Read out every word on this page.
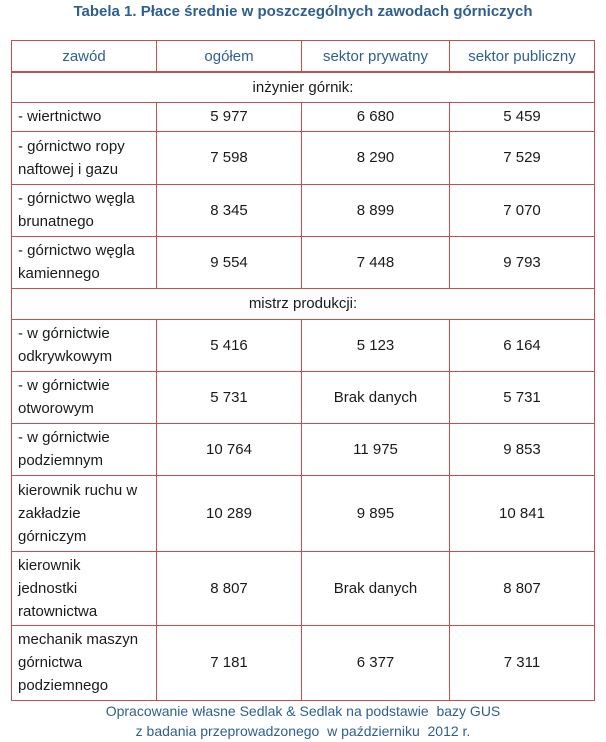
Tabela 1. Płace średnie w poszczególnych zawodach górniczych
zawód	ogółem	sektor prywatny	sektor publiczny
inżynier górnik:			
- wiertnictwo	5 977	6 680	5 459
- górnictwo ropy
naftowej i gazu	7 598	8 290	7 529
- górnictwo węgla
brunatnego	8 345	8 899	7 070
- górnictwo węgla
kamiennego	9 554	7 448	9 793
mistrz produkcji:			
- w górnictwie
odkrywkowym	5 416	5 123	6 164
- w górnictwie
otworowym	5 731	Brak danych	5 731
- w górnictwie
podziemnym	10 764	11 975	9 853
kierownik ruchu w
zakładzie
górniczym	10 289	9 895	10 841
kierownik
jednostki
ratownictwa	8 807	Brak danych	8 807
mechanik maszyn
górnictwa
podziemnego	7 181	6 377	7 311
Opracowanie własne Sedlak & Sedlak na podstawie  bazy GUS
z badania przeprowadzonego  w październiku  2012 r.
